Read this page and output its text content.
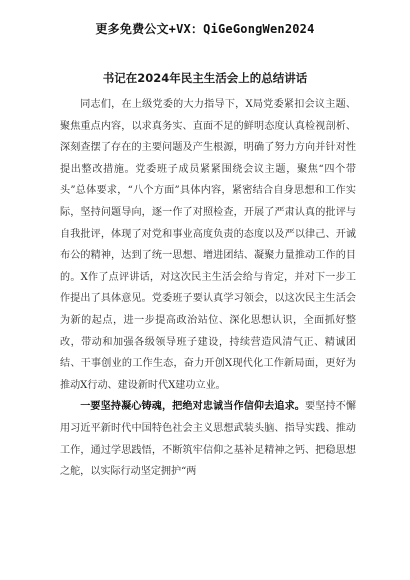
更多免费公文+VX：QiGeGongWen2024
书记在2024年民主生活会上的总结讲话

同志们，在上级党委的大力指导下，X局党委紧扣会议主题、聚焦重点内容，以求真务实、直面不足的鲜明态度认真检视剖析、深刻查摆了存在的主要问题及产生根源，明确了努力方向并针对性提出整改措施。党委班子成员紧紧围绕会议主题，聚焦“四个带头”总体要求，“八个方面”具体内容，紧密结合自身思想和工作实际，坚持问题导向，逐一作了对照检查，开展了严肃认真的批评与自我批评，体现了对党和事业高度负责的态度以及严以律己、开诚布公的精神，达到了统一思想、增进团结、凝聚力量推动工作的目的。X作了点评讲话，对这次民主生活会给与肯定，并对下一步工作提出了具体意见。党委班子要认真学习领会，以这次民主生活会为新的起点，进一步提高政治站位、深化思想认识，全面抓好整改，带动和加强各级领导班子建设，持续营造风清气正、精诚团结、干事创业的工作生态，奋力开创X现代化工作新局面，更好为推动X行动、建设新时代X建功立业。

一要坚持凝心铸魂，把绝对忠诚当作信仰去追求。要坚持不懈用习近平新时代中国特色社会主义思想武装头脑、指导实践、推动工作，通过学思践悟，不断筑牢信仰之基补足精神之钙、把稳思想之舵，以实际行动坚定拥护“两
